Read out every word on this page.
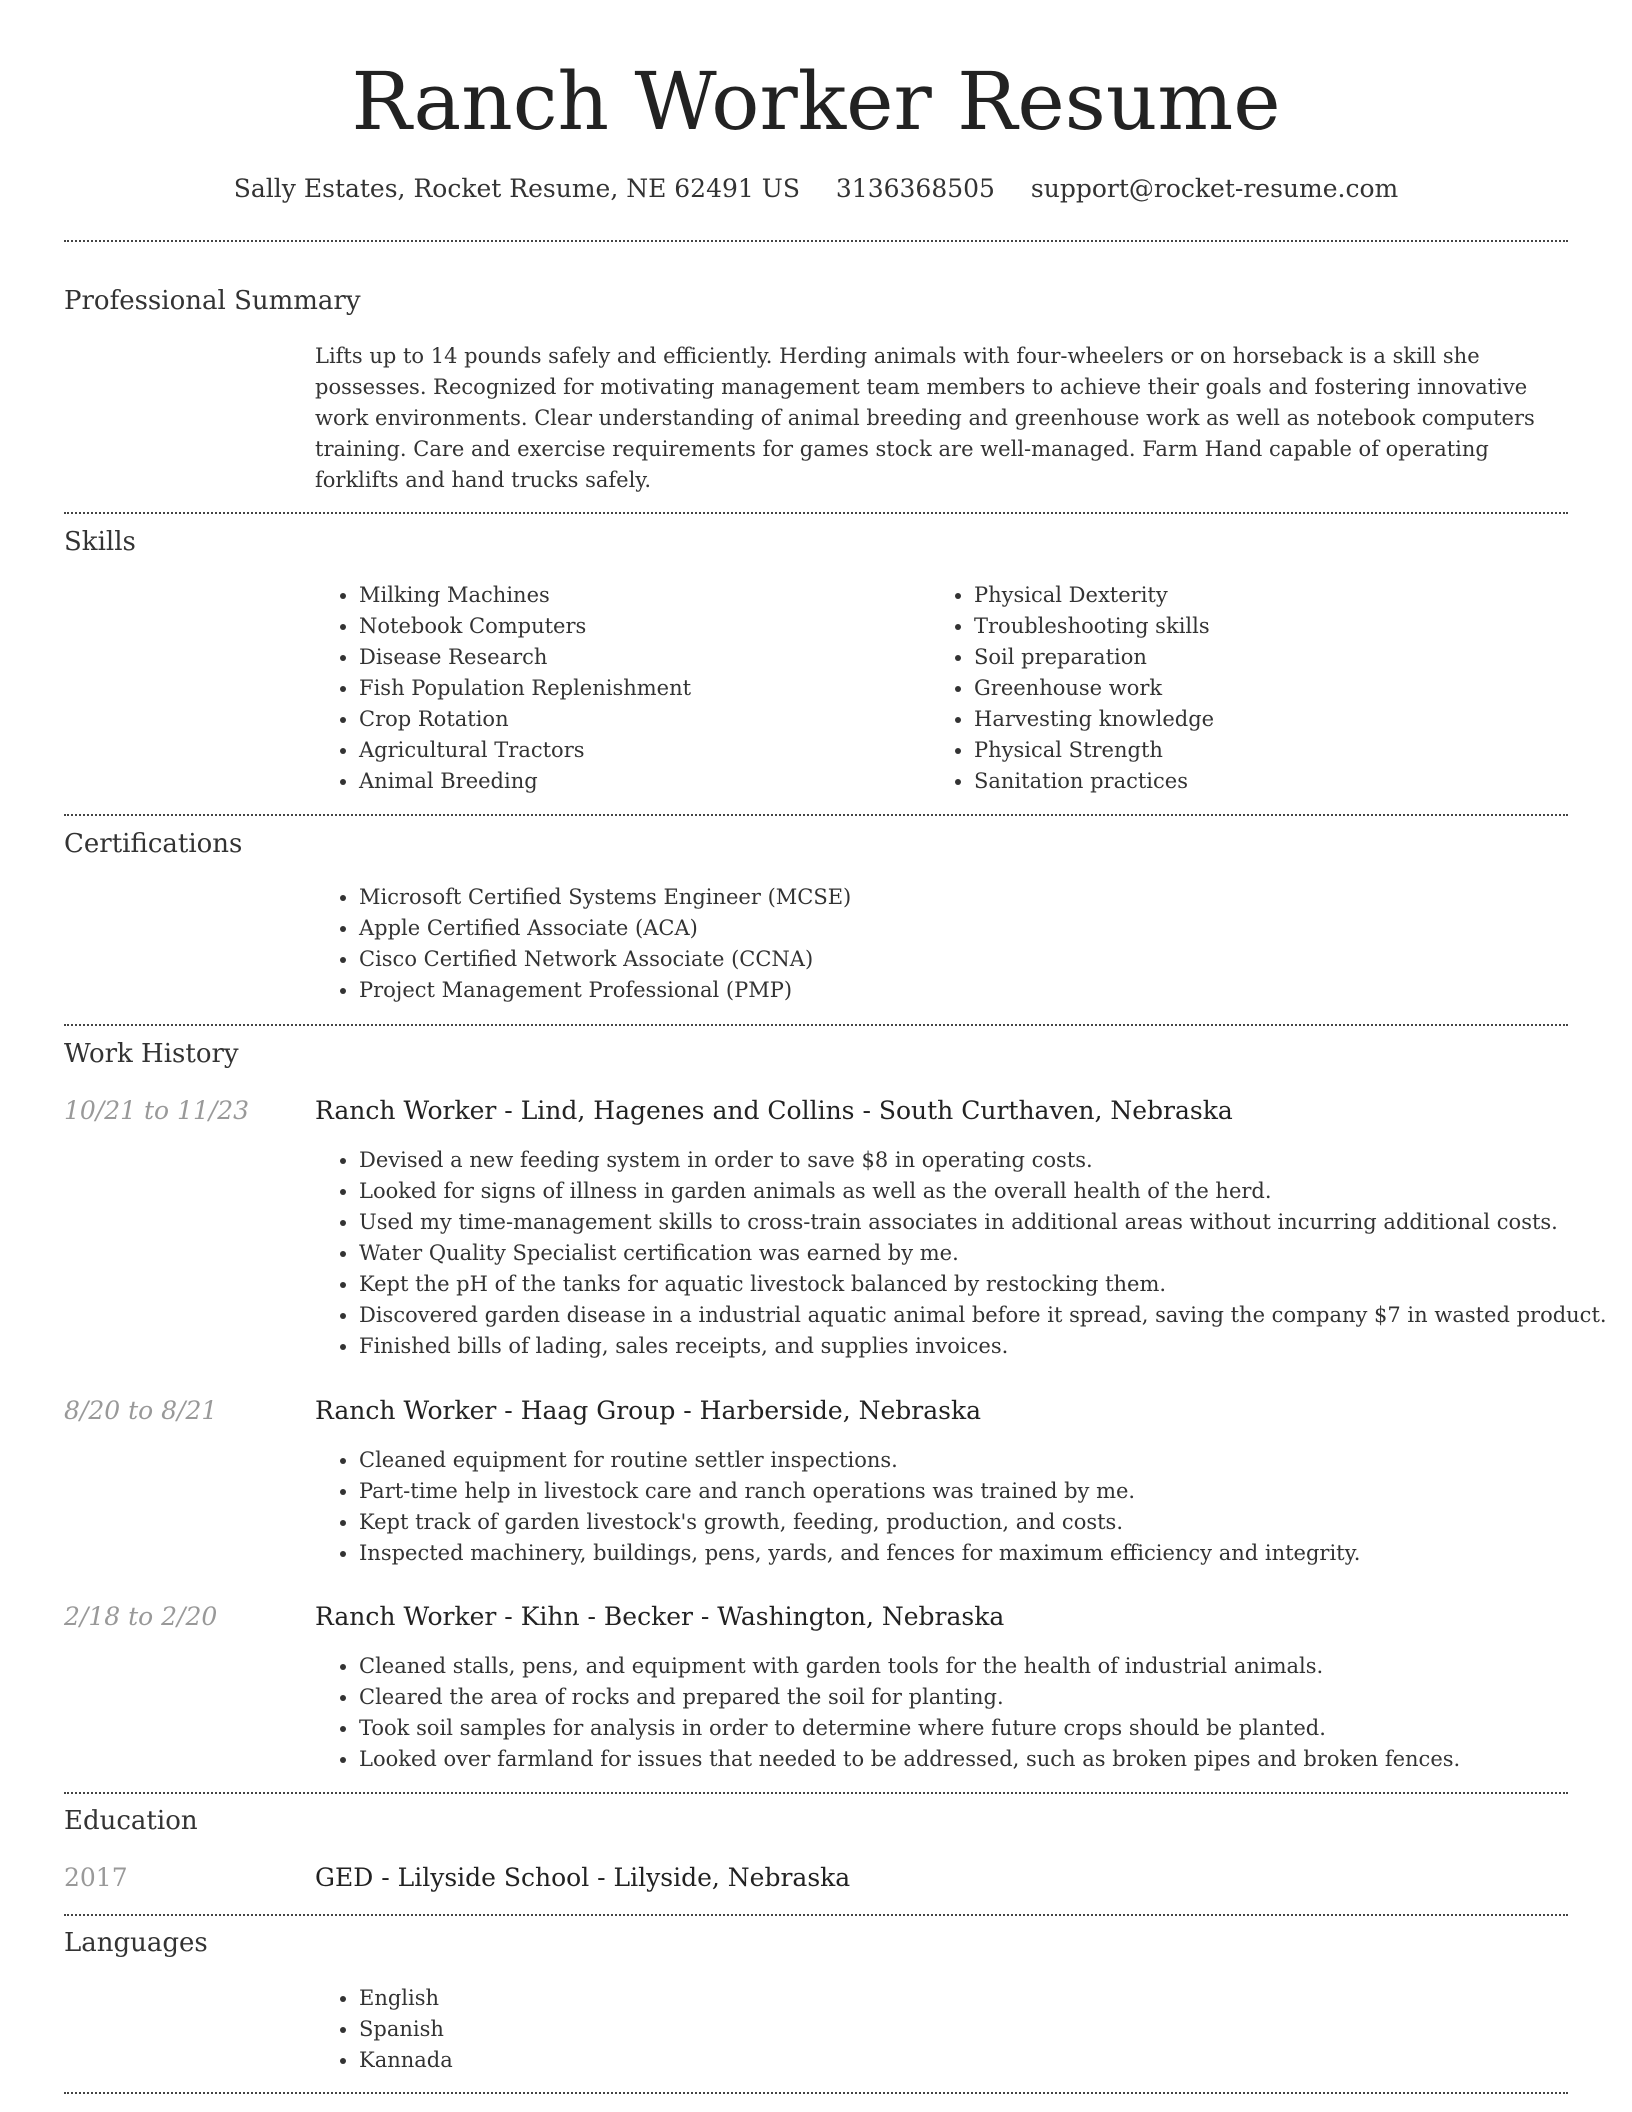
Ranch Worker Resume
Sally Estates, Rocket Resume, NE 62491 US 3136368505 support@rocket-resume.com
Professional Summary

Lifts up to 14 pounds safely and efficiently. Herding animals with four-wheelers or on horseback is a skill she possesses. Recognized for motivating management team members to achieve their goals and fostering innovative work environments. Clear understanding of animal breeding and greenhouse work as well as notebook computers training. Care and exercise requirements for games stock are well-managed. Farm Hand capable of operating forklifts and hand trucks safely.

Skills
• Milking Machines
• Notebook Computers
• Disease Research
• Fish Population Replenishment
• Crop Rotation
• Agricultural Tractors
• Animal Breeding
• Physical Dexterity
• Troubleshooting skills
• Soil preparation
• Greenhouse work
• Harvesting knowledge
• Physical Strength
• Sanitation practices
Certifications
• Microsoft Certified Systems Engineer (MCSE)
• Apple Certified Associate (ACA)
• Cisco Certified Network Associate (CCNA)
• Project Management Professional (PMP)
Work History
10/21 to 11/23	Ranch Worker - Lind, Hagenes and Collins - South Curthaven, Nebraska
• Devised a new feeding system in order to save $8 in operating costs.
• Looked for signs of illness in garden animals as well as the overall health of the herd.
• Used my time-management skills to cross-train associates in additional areas without incurring additional costs.
• Water Quality Specialist certification was earned by me.
• Kept the pH of the tanks for aquatic livestock balanced by restocking them.
• Discovered garden disease in a industrial aquatic animal before it spread, saving the company $7 in wasted product.
• Finished bills of lading, sales receipts, and supplies invoices.
8/20 to 8/21	Ranch Worker - Haag Group - Harberside, Nebraska
• Cleaned equipment for routine settler inspections.
• Part-time help in livestock care and ranch operations was trained by me.
• Kept track of garden livestock's growth, feeding, production, and costs.
• Inspected machinery, buildings, pens, yards, and fences for maximum efficiency and integrity.
2/18 to 2/20	Ranch Worker - Kihn - Becker - Washington, Nebraska
• Cleaned stalls, pens, and equipment with garden tools for the health of industrial animals.
• Cleared the area of rocks and prepared the soil for planting.
• Took soil samples for analysis in order to determine where future crops should be planted.
• Looked over farmland for issues that needed to be addressed, such as broken pipes and broken fences.
Education
2017	GED - Lilyside School - Lilyside, Nebraska
Languages
• English
• Spanish
• Kannada
